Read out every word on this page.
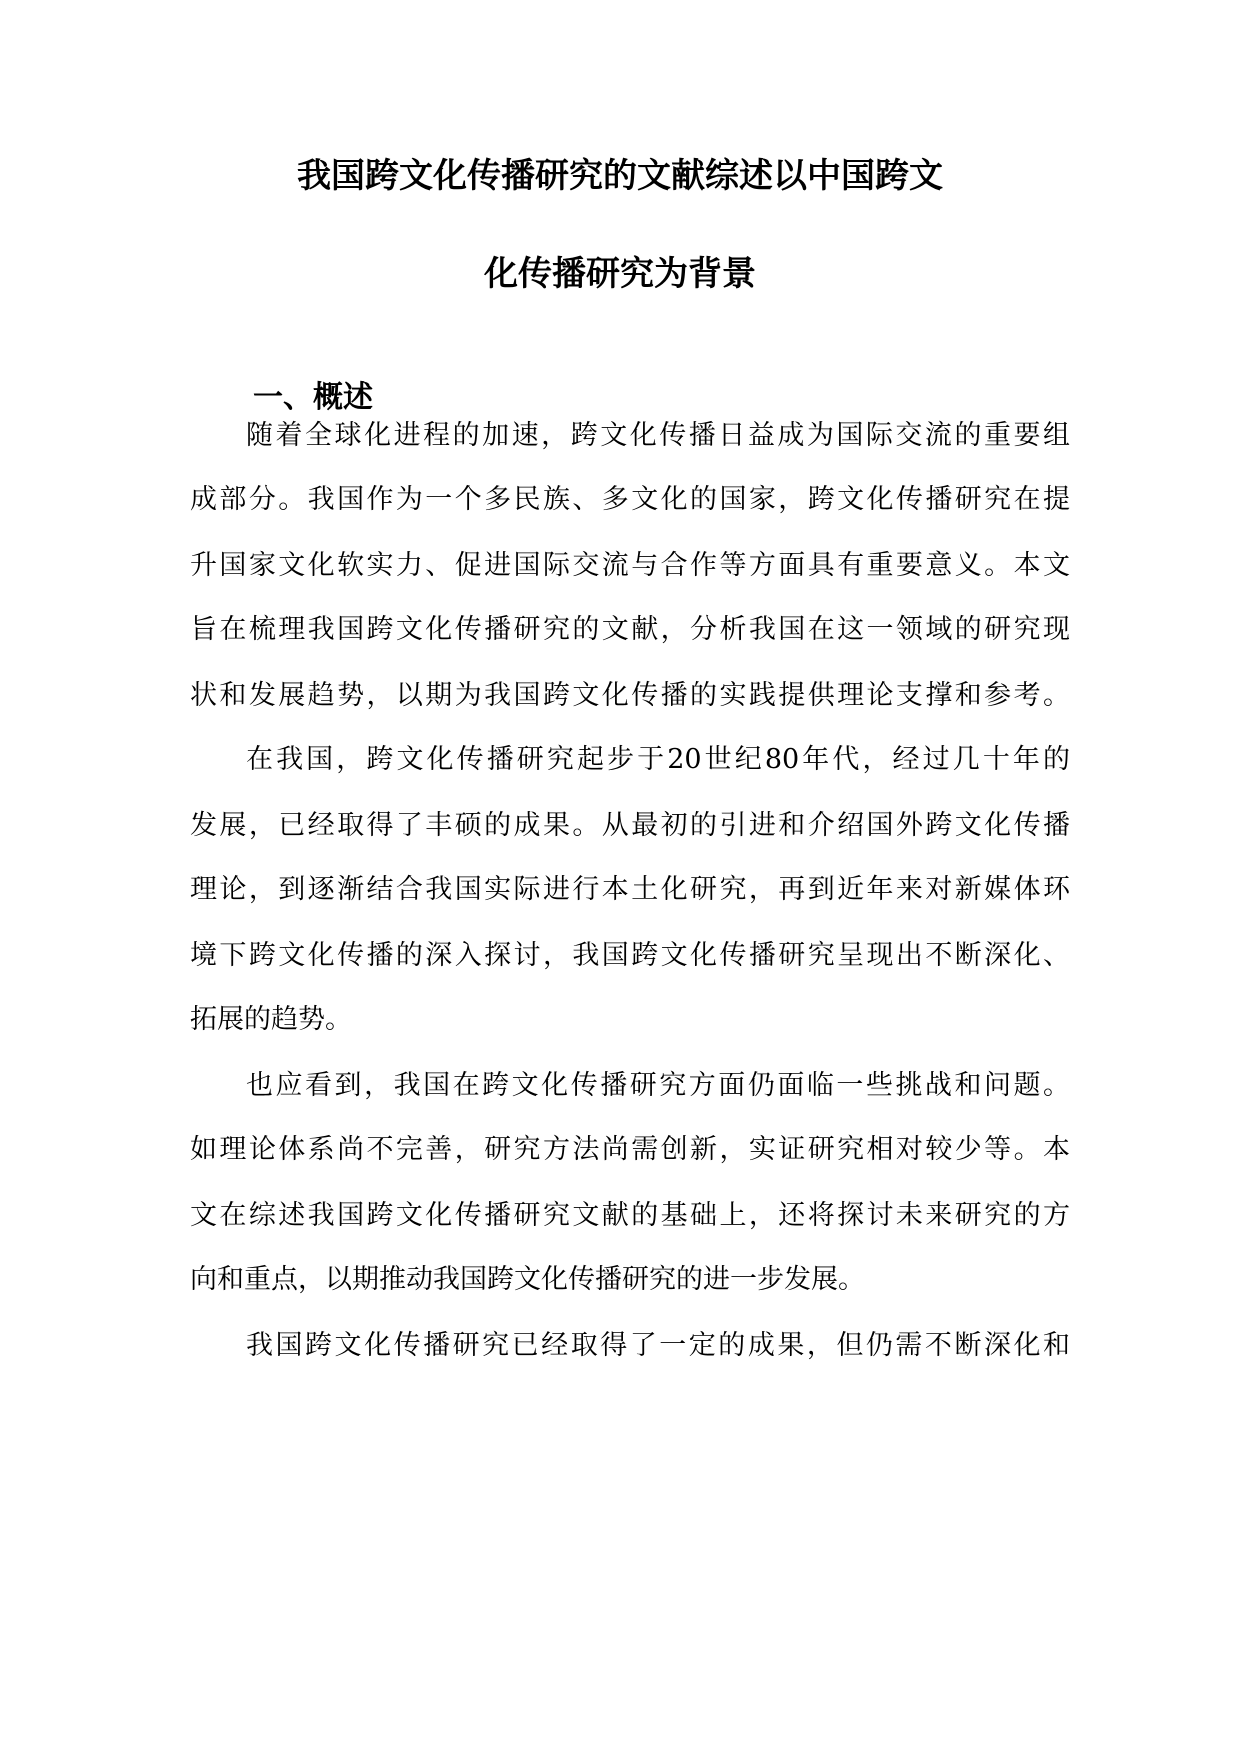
我国跨文化传播研究的文献综述以中国跨文
化传播研究为背景
一、概述

随着全球化进程的加速，跨文化传播日益成为国际交流的重要组

成部分。我国作为一个多民族、多文化的国家，跨文化传播研究在提

升国家文化软实力、促进国际交流与合作等方面具有重要意义。本文

旨在梳理我国跨文化传播研究的文献，分析我国在这一领域的研究现

状和发展趋势，以期为我国跨文化传播的实践提供理论支撑和参考。

在我国，跨文化传播研究起步于20世纪80年代，经过几十年的

发展，已经取得了丰硕的成果。从最初的引进和介绍国外跨文化传播

理论，到逐渐结合我国实际进行本土化研究，再到近年来对新媒体环

境下跨文化传播的深入探讨，我国跨文化传播研究呈现出不断深化、

拓展的趋势。

也应看到，我国在跨文化传播研究方面仍面临一些挑战和问题。

如理论体系尚不完善，研究方法尚需创新，实证研究相对较少等。本

文在综述我国跨文化传播研究文献的基础上，还将探讨未来研究的方

向和重点，以期推动我国跨文化传播研究的进一步发展。

我国跨文化传播研究已经取得了一定的成果，但仍需不断深化和
